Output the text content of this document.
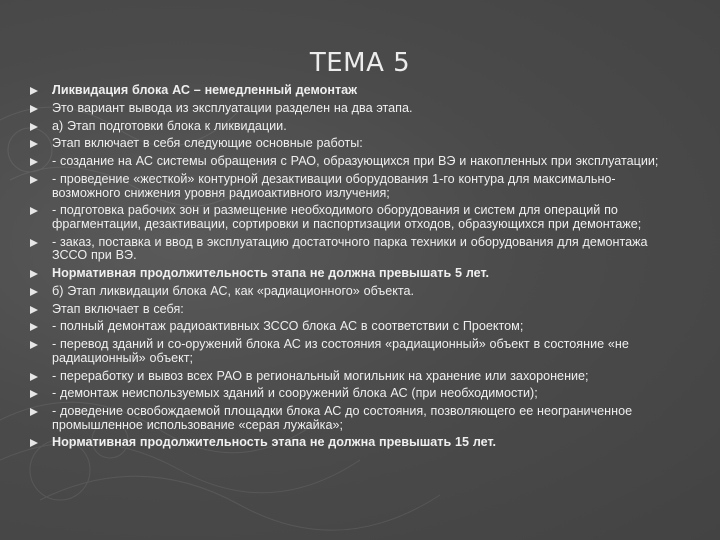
ТЕМА 5
Ликвидация блока АС – немедленный демонтаж
Это вариант вывода из эксплуатации разделен на два этапа.
а) Этап подготовки блока к ликвидации.
Этап включает в себя следующие основные работы:
- создание на АС системы обращения с РАО, образующихся при ВЭ и накопленных при эксплуатации;
- проведение «жесткой» контурной дезактивации оборудования 1-го контура для максимально-возможного снижения уровня радиоактивного излучения;
- подготовка рабочих зон и размещение необходимого оборудования и систем для операций по фрагментации, дезактивации, сортировки и паспортизации отходов, образующихся при демонтаже;
- заказ, поставка и ввод в эксплуатацию достаточного парка техники и оборудования для демонтажа ЗССО при ВЭ.
Нормативная продолжительность этапа не должна превышать 5 лет.
б) Этап ликвидации блока АС, как «радиационного» объекта.
Этап включает в себя:
- полный демонтаж радиоактивных ЗССО блока АС в соответствии с Проектом;
- перевод зданий и со-оружений блока АС из состояния «радиационный» объект в состояние «не радиационный» объект;
- переработку и вывоз всех РАО в региональный могильник на хранение или захоронение;
- демонтаж неиспользуемых зданий и сооружений блока АС (при необходимости);
- доведение освобождаемой площадки блока АС до состояния, позволяющего ее неограниченное промышленное использование «серая лужайка»;
Нормативная продолжительность этапа не должна превышать 15 лет.
